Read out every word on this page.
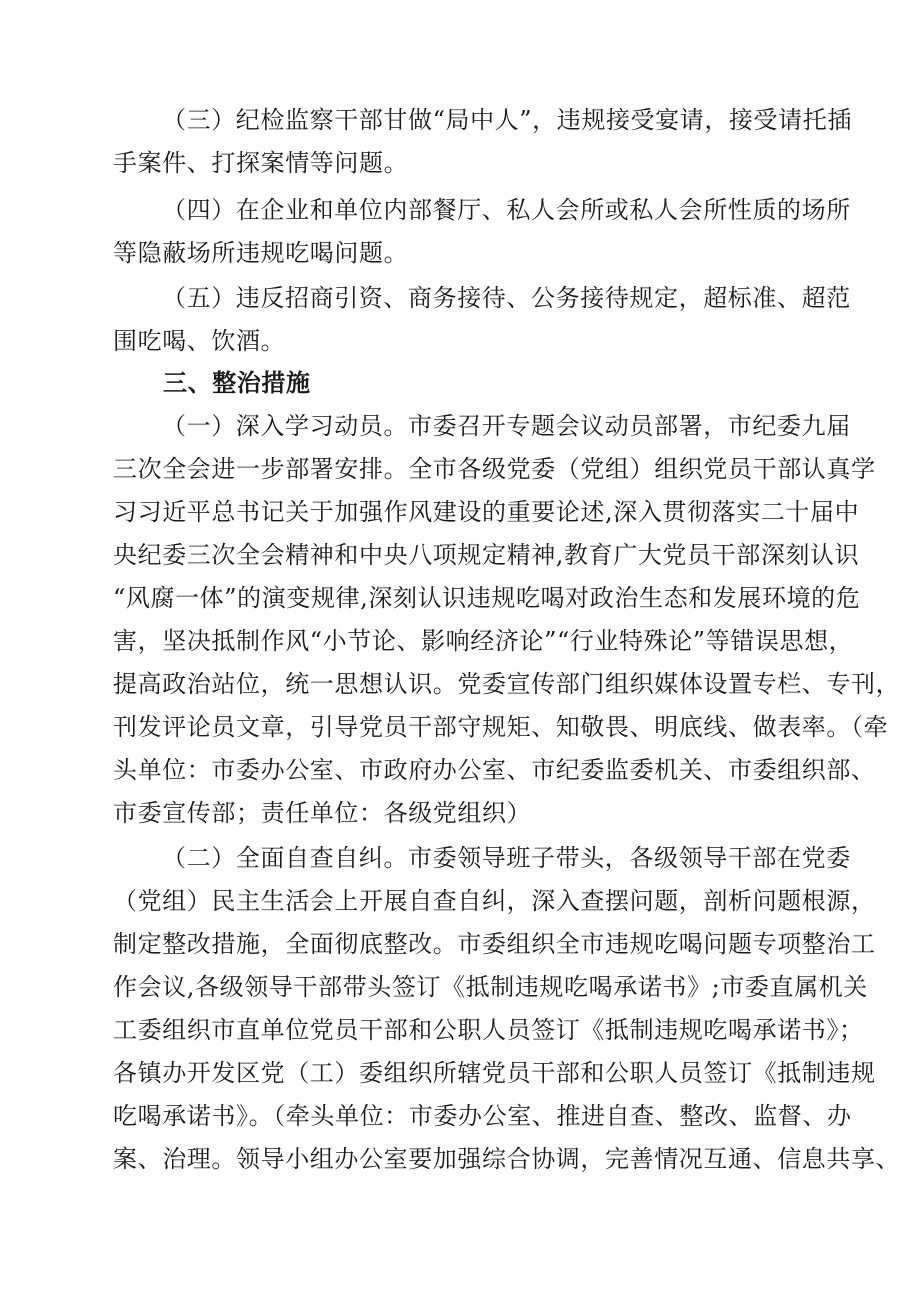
（三）纪检监察干部甘做“局中人”，违规接受宴请，接受请托插
手案件、打探案情等问题。
（四）在企业和单位内部餐厅、私人会所或私人会所性质的场所
等隐蔽场所违规吃喝问题。
（五）违反招商引资、商务接待、公务接待规定，超标准、超范
围吃喝、饮酒。
三、整治措施
（一）深入学习动员。市委召开专题会议动员部署，市纪委九届
三次全会进一步部署安排。全市各级党委（党组）组织党员干部认真学
习习近平总书记关于加强作风建设的重要论述,深入贯彻落实二十届中
央纪委三次全会精神和中央八项规定精神,教育广大党员干部深刻认识
“风腐一体”的演变规律,深刻认识违规吃喝对政治生态和发展环境的危
害，坚决抵制作风“小节论、影响经济论”“行业特殊论”等错误思想，
提高政治站位，统一思想认识。党委宣传部门组织媒体设置专栏、专刊，
刊发评论员文章，引导党员干部守规矩、知敬畏、明底线、做表率。（牵
头单位：市委办公室、市政府办公室、市纪委监委机关、市委组织部、
市委宣传部；责任单位：各级党组织）
（二）全面自查自纠。市委领导班子带头，各级领导干部在党委
（党组）民主生活会上开展自查自纠，深入查摆问题，剖析问题根源，
制定整改措施，全面彻底整改。市委组织全市违规吃喝问题专项整治工
作会议,各级领导干部带头签订《抵制违规吃喝承诺书》;市委直属机关
工委组织市直单位党员干部和公职人员签订《抵制违规吃喝承诺书》；
各镇办开发区党（工）委组织所辖党员干部和公职人员签订《抵制违规
吃喝承诺书》。（牵头单位：市委办公室、推进自查、整改、监督、办
案、治理。领导小组办公室要加强综合协调，完善情况互通、信息共享、
